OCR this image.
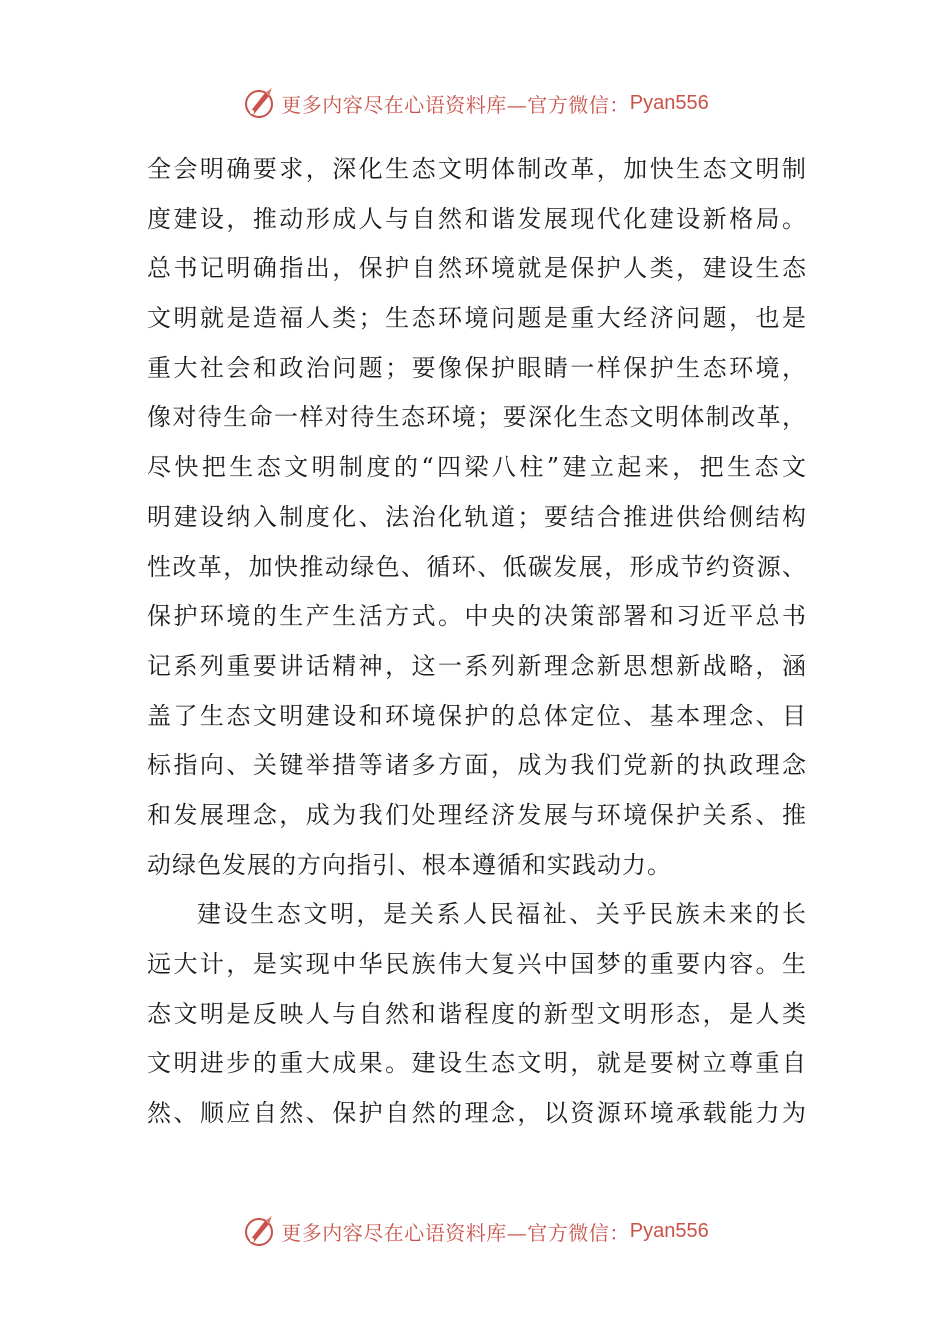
更多内容尽在心语资料库—官方微信： Pyan556
全会明确要求，深化生态文明体制改革，加快生态文明制
度建设，推动形成人与自然和谐发展现代化建设新格局。
总书记明确指出，保护自然环境就是保护人类，建设生态
文明就是造福人类；生态环境问题是重大经济问题，也是
重大社会和政治问题；要像保护眼睛一样保护生态环境，
像对待生命一样对待生态环境；要深化生态文明体制改革，
尽快把生态文明制度的“四梁八柱”建立起来，把生态文
明建设纳入制度化、法治化轨道；要结合推进供给侧结构
性改革，加快推动绿色、循环、低碳发展，形成节约资源、
保护环境的生产生活方式。中央的决策部署和习近平总书
记系列重要讲话精神，这一系列新理念新思想新战略，涵
盖了生态文明建设和环境保护的总体定位、基本理念、目
标指向、关键举措等诸多方面，成为我们党新的执政理念
和发展理念，成为我们处理经济发展与环境保护关系、推
动绿色发展的方向指引、根本遵循和实践动力。
建设生态文明，是关系人民福祉、关乎民族未来的长
远大计，是实现中华民族伟大复兴中国梦的重要内容。生
态文明是反映人与自然和谐程度的新型文明形态，是人类
文明进步的重大成果。建设生态文明，就是要树立尊重自
然、顺应自然、保护自然的理念，以资源环境承载能力为
更多内容尽在心语资料库—官方微信： Pyan556
